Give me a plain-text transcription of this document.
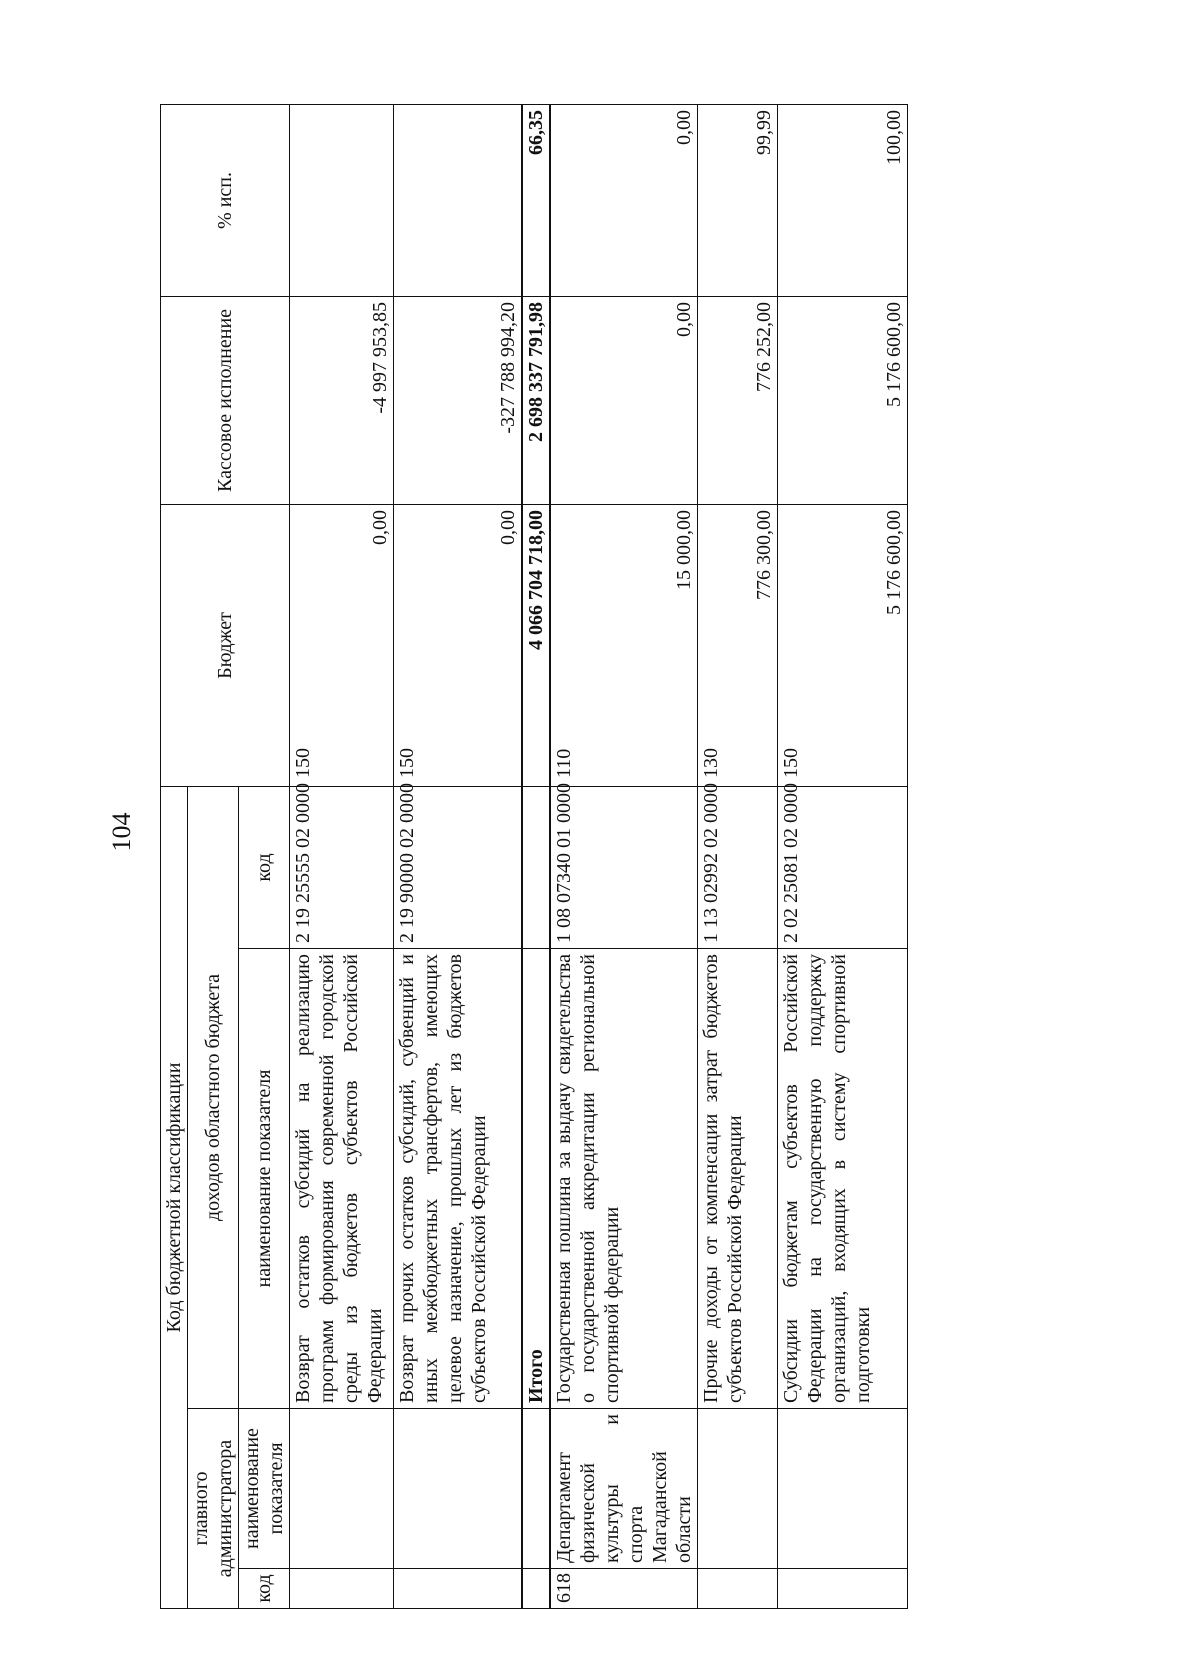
104
Код бюджетной классификации				Бюджет	Кассовое исполнение	% исп.
главного администратора		доходов областного бюджета				
код	наименование показателя	наименование показателя	код			
		Возврат остатков субсидий на реализацию программ формирования современной городской среды из бюджетов субъектов Российской Федерации	2 19 25555 02 0000 150	0,00	-4 997 953,85	
		Возврат прочих остатков субсидий, субвенций и иных межбюджетных трансфертов, имеющих целевое назначение, прошлых лет из бюджетов субъектов Российской Федерации	2 19 90000 02 0000 150	0,00	-327 788 994,20	
		Итого		4 066 704 718,00	2 698 337 791,98	66,35
618	Департамент физической культуры и спорта Магаданской области	Государственная пошлина за выдачу свидетельства о государственной аккредитации региональной спортивной федерации	1 08 07340 01 0000 110	15 000,00	0,00	0,00
		Прочие доходы от компенсации затрат бюджетов субъектов Российской Федерации	1 13 02992 02 0000 130	776 300,00	776 252,00	99,99
		Субсидии бюджетам субъектов Российской Федерации на государственную поддержку организаций, входящих в систему спортивной подготовки	2 02 25081 02 0000 150	5 176 600,00	5 176 600,00	100,00
